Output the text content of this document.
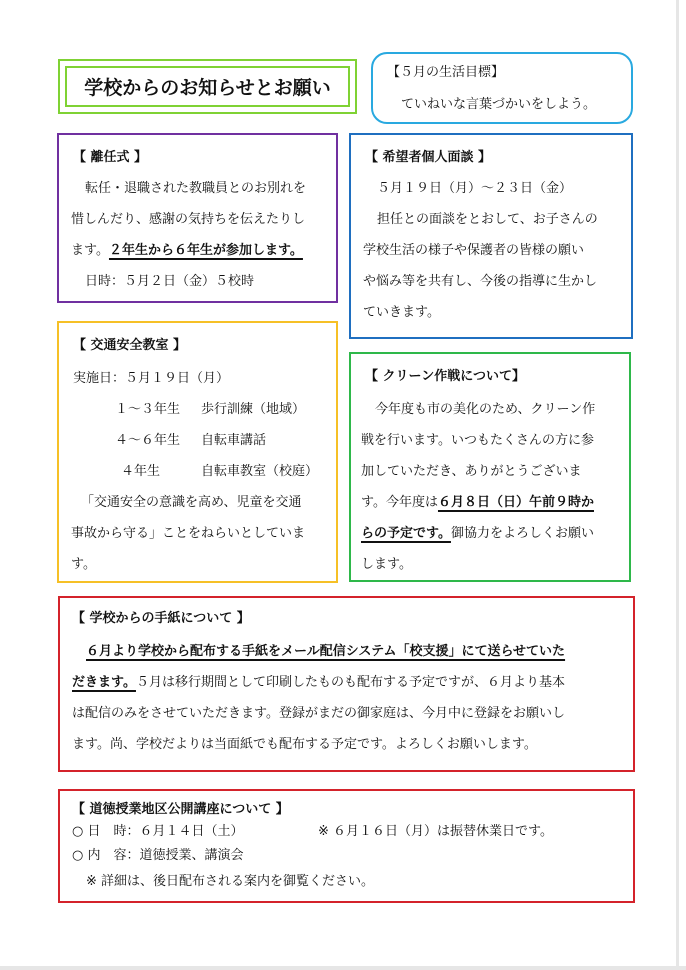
学校からのお知らせとお願い

【５月の生活目標】

ていねいな言葉づかいをしよう。

【 離任式 】

転任・退職された教職員とのお別れを

惜しんだり、感謝の気持ちを伝えたりし

ます。２年生から６年生が参加します。

日時：５月２日（金）５校時

【 希望者個人面談 】

５月１９日（月）～２３日（金）

担任との面談をとおして、お子さんの

学校生活の様子や保護者の皆様の願い

や悩み等を共有し、今後の指導に生かし

ていきます。

【 交通安全教室 】

実施日：５月１９日（月）

１～３年生 歩行訓練（地域）

４～６年生 自転車講話

４年生	自転車教室（校庭）

「交通安全の意識を高め、児童を交通

事故から守る」ことをねらいとしていま

す。

【 クリーン作戦について】

今年度も市の美化のため、クリーン作

戦を行います。いつもたくさんの方に参

加していただき、ありがとうございま

す。今年度は６月８日（日）午前９時か

らの予定です。御協力をよろしくお願い

します。

【 学校からの手紙について 】

６月より学校から配布する手紙をメール配信システム「校支援」にて送らせていた

だきます。５月は移行期間として印刷したものも配布する予定ですが、６月より基本

は配信のみをさせていただきます。登録がまだの御家庭は、今月中に登録をお願いし

ます。尚、学校だよりは当面紙でも配布する予定です。よろしくお願いします。

【 道徳授業地区公開講座について 】

○ 日　時：６月１４日（土）	※ ６月１６日（月）は振替休業日です。

○ 内　容：道徳授業、講演会

※ 詳細は、後日配布される案内を御覧ください。
